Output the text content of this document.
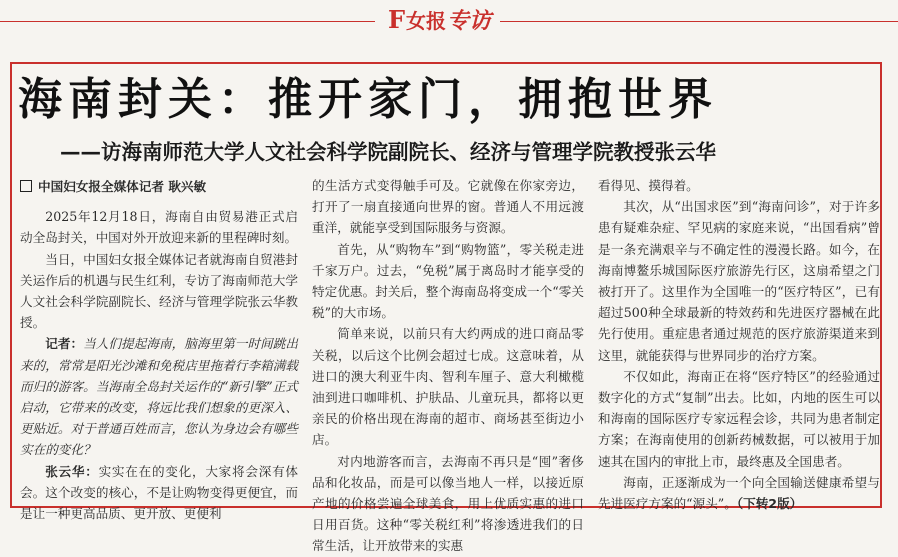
F 女报 专访
海南封关：推开家门，拥抱世界
——访海南师范大学人文社会科学院副院长、经济与管理学院教授张云华
中国妇女报全媒体记者 耿兴敏

2025年12月18日，海南自由贸易港正式启动全岛封关，中国对外开放迎来新的里程碑时刻。

当日，中国妇女报全媒体记者就海南自贸港封关运作后的机遇与民生红利，专访了海南师范大学人文社会科学院副院长、经济与管理学院张云华教授。

记者：当人们提起海南，脑海里第一时间跳出来的，常常是阳光沙滩和免税店里拖着行李箱满载而归的游客。当海南全岛封关运作的“新引擎”正式启动，它带来的改变，将远比我们想象的更深入、更贴近。对于普通百姓而言，您认为身边会有哪些实在的变化？

张云华：实实在在的变化，大家将会深有体会。这个改变的核心，不是让购物变得更便宜，而是让一种更高品质、更开放、更便利

的生活方式变得触手可及。它就像在你家旁边，打开了一扇直接通向世界的窗。普通人不用远渡重洋，就能享受到国际服务与资源。

首先，从“购物车”到“购物篮”，零关税走进千家万户。过去，“免税”属于离岛时才能享受的特定优惠。封关后，整个海南岛将变成一个“零关税”的大市场。

简单来说，以前只有大约两成的进口商品零关税，以后这个比例会超过七成。这意味着，从进口的澳大利亚牛肉、智利车厘子、意大利橄榄油到进口咖啡机、护肤品、儿童玩具，都将以更亲民的价格出现在海南的超市、商场甚至街边小店。

对内地游客而言，去海南不再只是“囤”奢侈品和化妆品，而是可以像当地人一样，以接近原产地的价格尝遍全球美食，用上优质实惠的进口日用百货。这种“零关税红利”将渗透进我们的日常生活，让开放带来的实惠

看得见、摸得着。

其次，从“出国求医”到“海南问诊”，对于许多患有疑难杂症、罕见病的家庭来说，“出国看病”曾是一条充满艰辛与不确定性的漫漫长路。如今，在海南博鳌乐城国际医疗旅游先行区，这扇希望之门被打开了。这里作为全国唯一的“医疗特区”，已有超过500种全球最新的特效药和先进医疗器械在此先行使用。重症患者通过规范的医疗旅游渠道来到这里，就能获得与世界同步的治疗方案。

不仅如此，海南正在将“医疗特区”的经验通过数字化的方式“复制”出去。比如，内地的医生可以和海南的国际医疗专家远程会诊，共同为患者制定方案；在海南使用的创新药械数据，可以被用于加速其在国内的审批上市，最终惠及全国患者。

海南，正逐渐成为一个向全国输送健康希望与先进医疗方案的“源头”。（下转2版）
